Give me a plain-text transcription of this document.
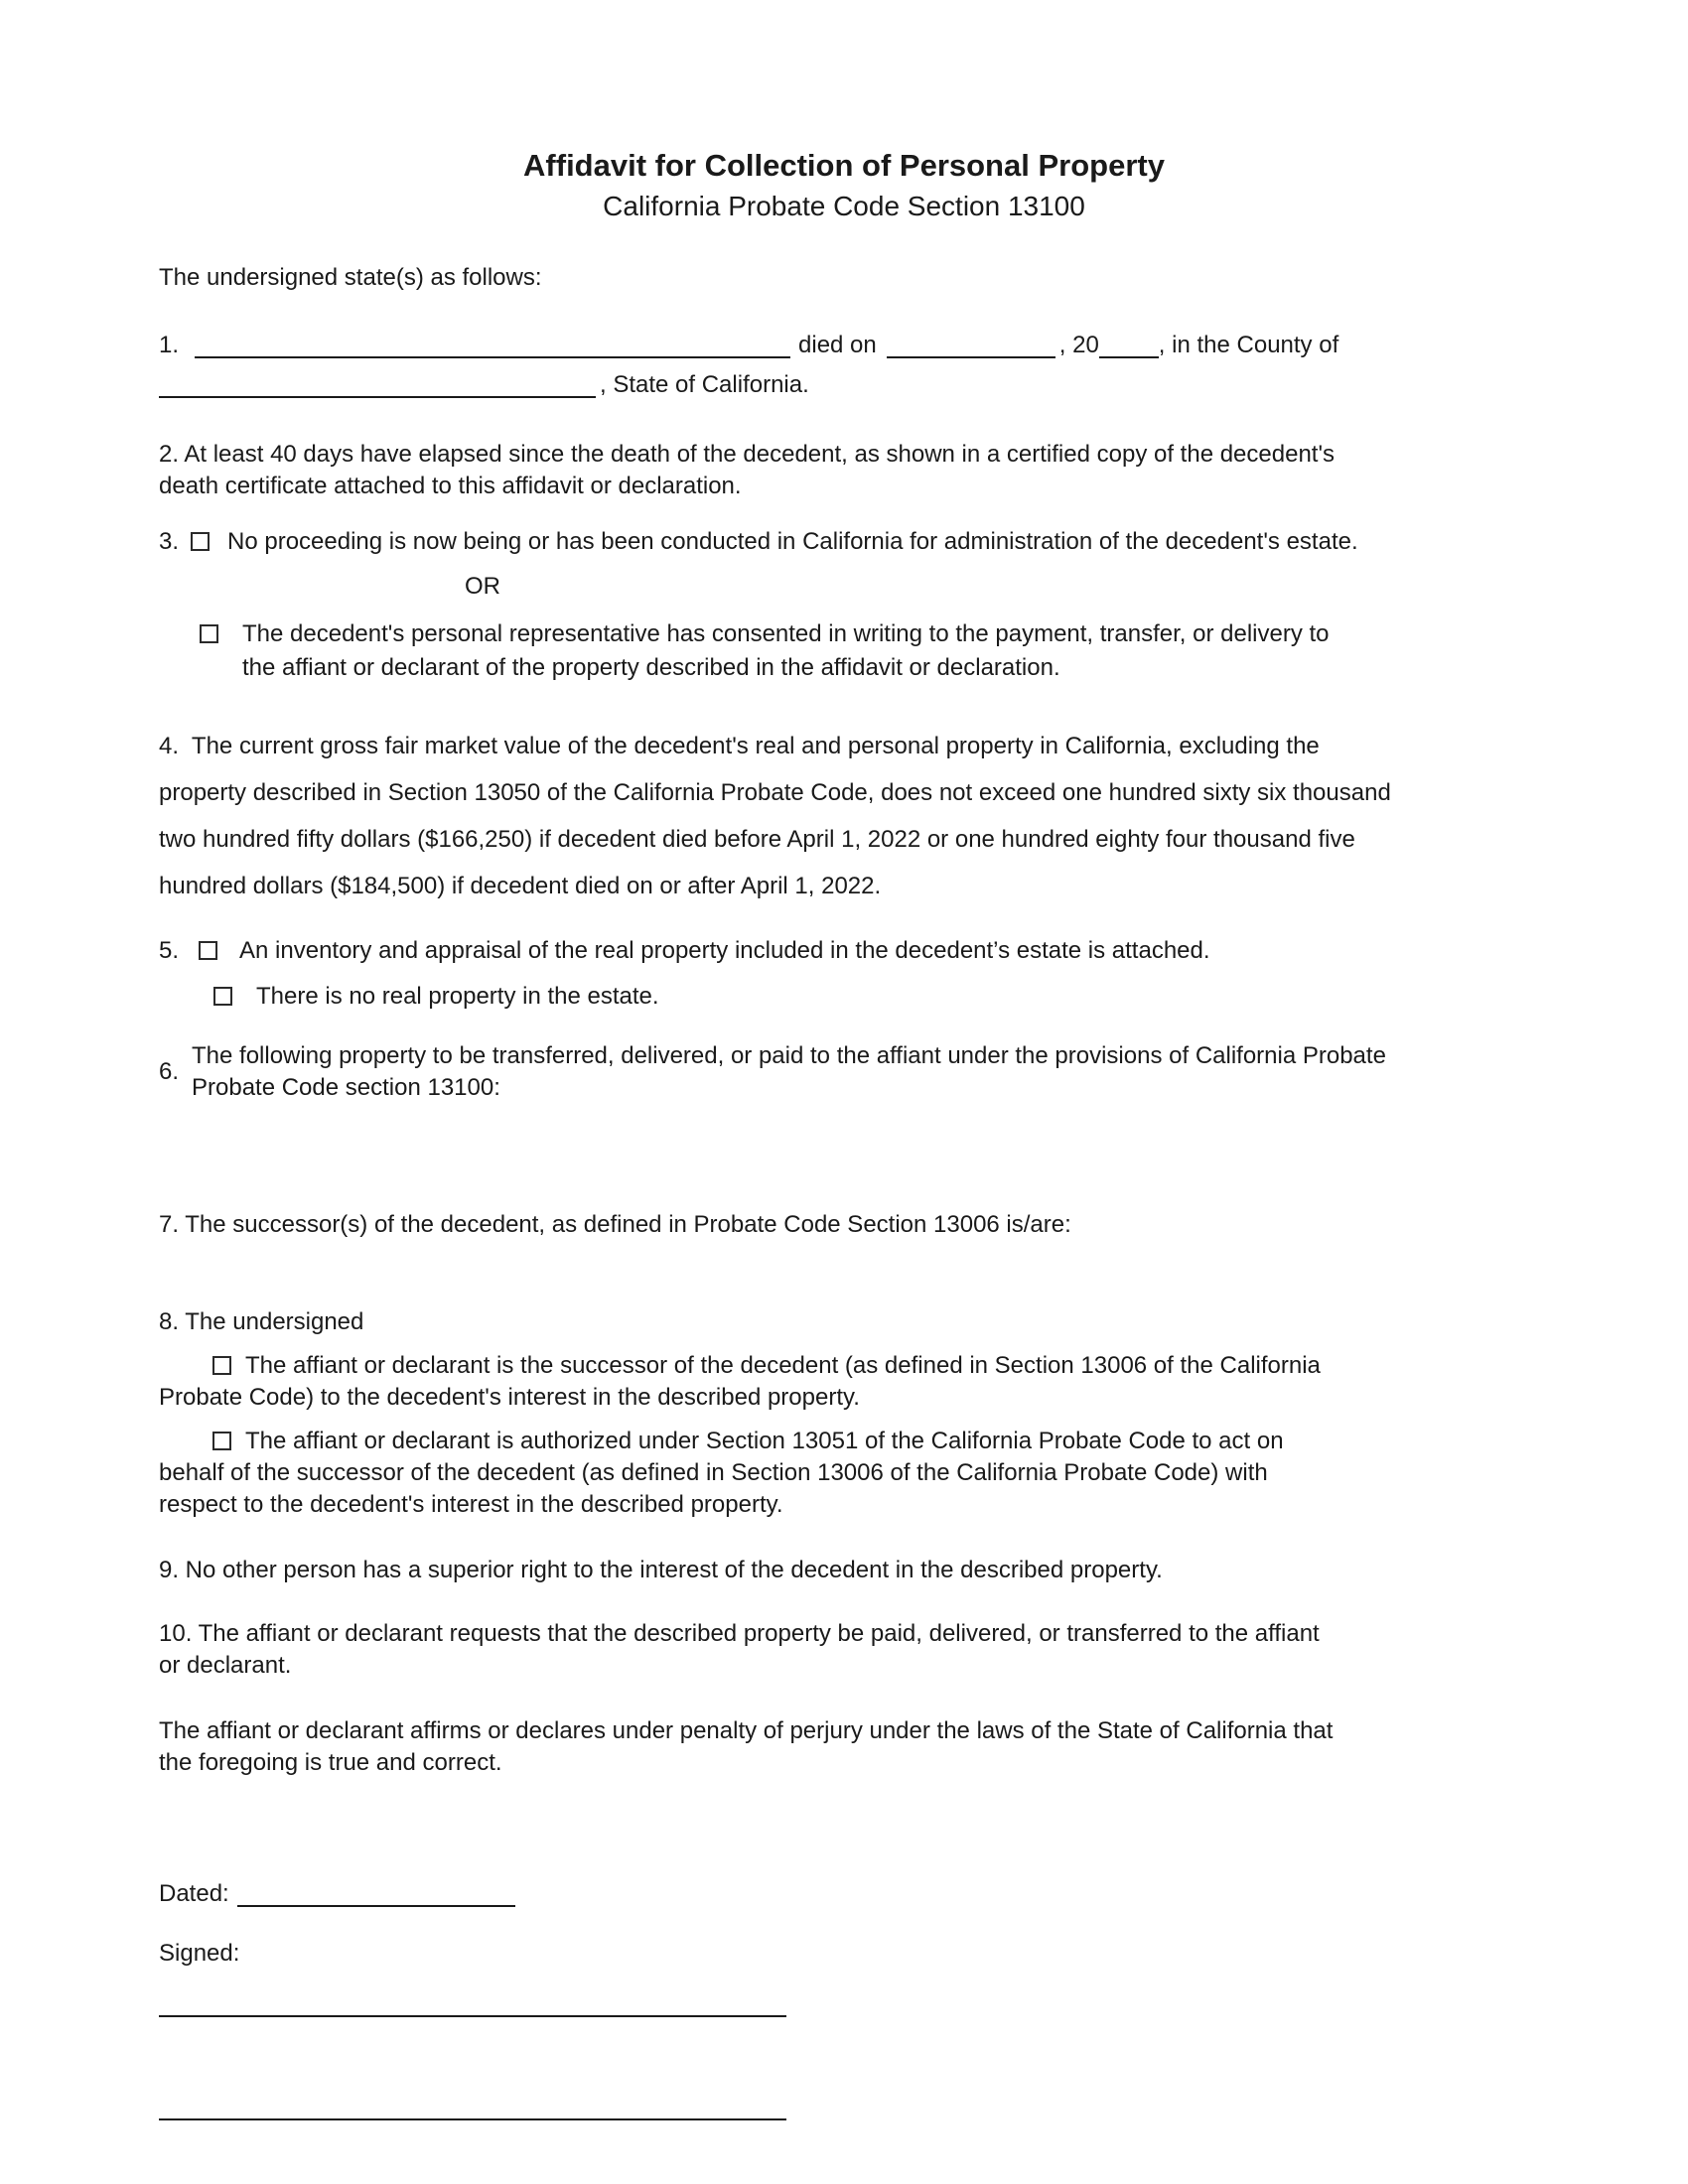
Affidavit for Collection of Personal Property
California Probate Code Section 13100

The undersigned state(s) as follows:

1.	died on	, 20	, in the County of
, State of California.

2. At least 40 days have elapsed since the death of the decedent, as shown in a certified copy of the decedent's
death certificate attached to this affidavit or declaration.

3. No proceeding is now being or has been conducted in California for administration of the decedent's estate.

OR

The decedent's personal representative has consented in writing to the payment, transfer, or delivery to
the affiant or declarant of the property described in the affidavit or declaration.

4.  The current gross fair market value of the decedent's real and personal property in California, excluding the
property described in Section 13050 of the California Probate Code, does not exceed one hundred sixty six thousand
two hundred fifty dollars ($166,250) if decedent died before April 1, 2022 or one hundred eighty four thousand five
hundred dollars ($184,500) if decedent died on or after April 1, 2022.

5.	An inventory and appraisal of the real property included in the decedent’s estate is attached.

There is no real property in the estate.

6.
The following property to be transferred, delivered, or paid to the affiant under the provisions of California Probate
Probate Code section 13100:

7. The successor(s) of the decedent, as defined in Probate Code Section 13006 is/are:

8. The undersigned

The affiant or declarant is the successor of the decedent (as defined in Section 13006 of the California
Probate Code) to the decedent's interest in the described property.

The affiant or declarant is authorized under Section 13051 of the California Probate Code to act on
behalf of the successor of the decedent (as defined in Section 13006 of the California Probate Code) with
respect to the decedent's interest in the described property.

9. No other person has a superior right to the interest of the decedent in the described property.

10. The affiant or declarant requests that the described property be paid, delivered, or transferred to the affiant
or declarant.

The affiant or declarant affirms or declares under penalty of perjury under the laws of the State of California that
the foregoing is true and correct.

Dated:

Signed:
